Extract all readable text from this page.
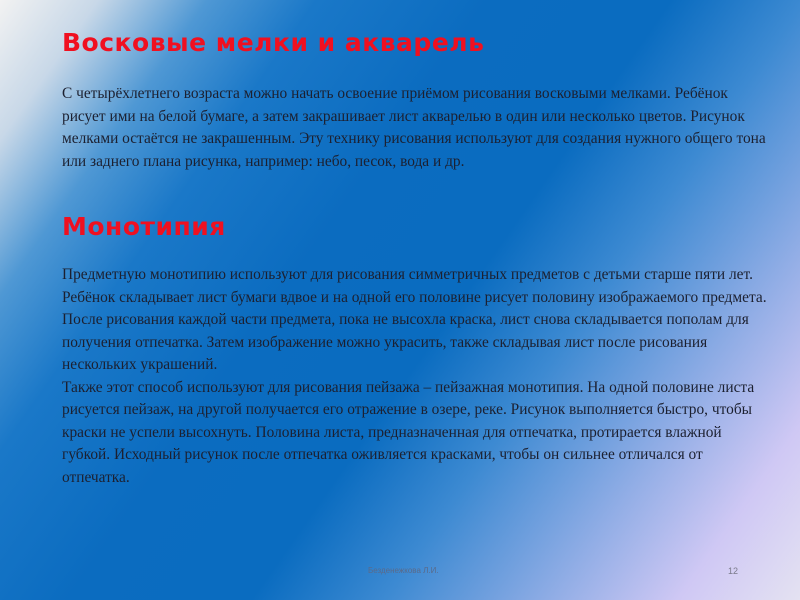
Восковые мелки и акварель

С четырёхлетнего возраста можно начать освоение приёмом рисования восковыми мелками. Ребёнок рисует ими на белой бумаге, а затем закрашивает лист акварелью в один или несколько цветов. Рисунок мелками остаётся не закрашенным. Эту технику рисования используют для создания нужного общего тона или заднего плана рисунка, например: небо, песок, вода и др.

Монотипия

Предметную монотипию используют для рисования симметричных предметов с детьми старше пяти лет. Ребёнок складывает лист бумаги вдвое и на одной его половине рисует половину изображаемого предмета. После рисования каждой части предмета, пока не высохла краска, лист снова складывается пополам для получения отпечатка. Затем изображение можно украсить, также складывая лист после рисования нескольких украшений.

Также этот способ используют для рисования пейзажа – пейзажная монотипия. На одной половине листа рисуется пейзаж, на другой получается его отражение в озере, реке. Рисунок выполняется быстро, чтобы краски не успели высохнуть. Половина листа, предназначенная для отпечатка, протирается влажной губкой. Исходный рисунок после отпечатка оживляется красками, чтобы он сильнее отличался от отпечатка.

Безденежкова Л.И.	12
